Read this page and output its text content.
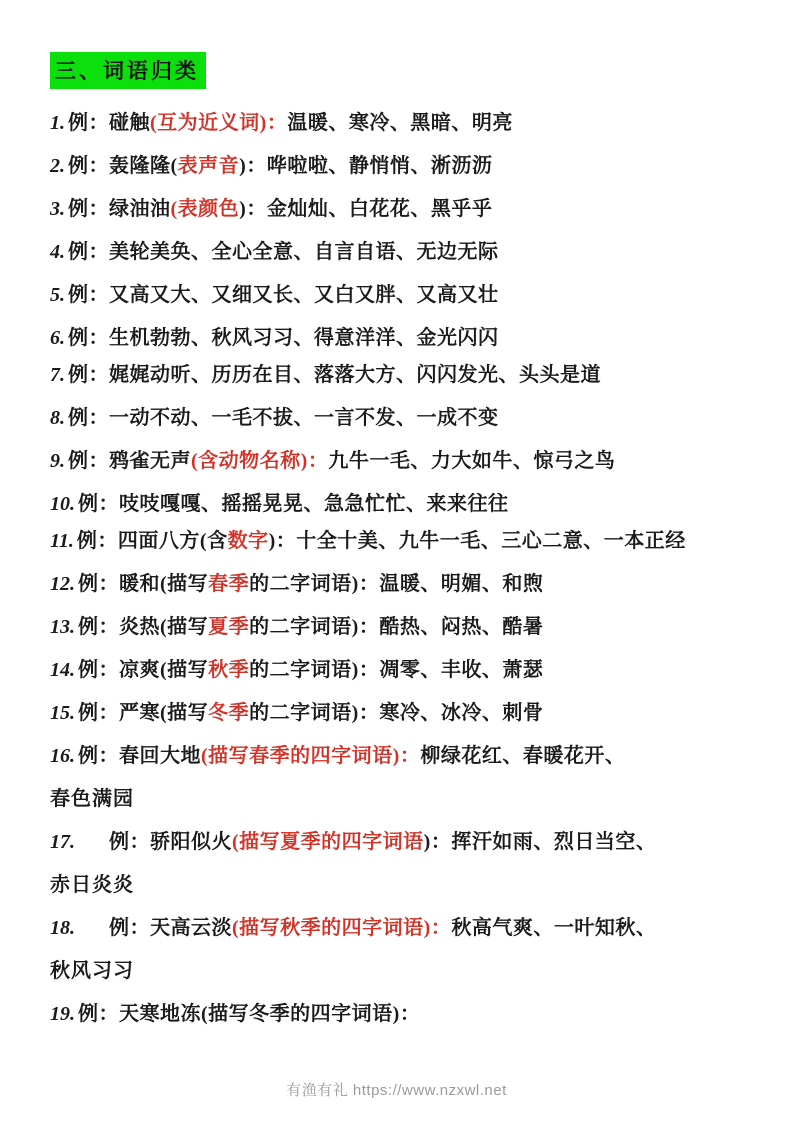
三、词语归类

1. 例：碰触(互为近义词)：温暖、寒冷、黑暗、明亮

2. 例：轰隆隆(表声音)：哗啦啦、静悄悄、淅沥沥

3. 例：绿油油(表颜色)：金灿灿、白花花、黑乎乎

4. 例：美轮美奂、全心全意、自言自语、无边无际

5. 例：又高又大、又细又长、又白又胖、又高又壮

6. 例：生机勃勃、秋风习习、得意洋洋、金光闪闪

7. 例：娓娓动听、历历在目、落落大方、闪闪发光、头头是道

8. 例：一动不动、一毛不拔、一言不发、一成不变

9. 例：鸦雀无声(含动物名称)：九牛一毛、力大如牛、惊弓之鸟

10. 例：吱吱嘎嘎、摇摇晃晃、急急忙忙、来来往往

11. 例：四面八方(含数字)：十全十美、九牛一毛、三心二意、一本正经

12. 例：暖和(描写春季的二字词语)：温暖、明媚、和煦

13. 例：炎热(描写夏季的二字词语)：酷热、闷热、酷暑

14. 例：凉爽(描写秋季的二字词语)：凋零、丰收、萧瑟

15. 例：严寒(描写冬季的二字词语)：寒冷、冰冷、刺骨

16. 例：春回大地(描写春季的四字词语)：柳绿花红、春暖花开、

春色满园

17. 例：骄阳似火(描写夏季的四字词语)：挥汗如雨、烈日当空、

赤日炎炎

18. 例：天高云淡(描写秋季的四字词语)：秋高气爽、一叶知秋、

秋风习习

19. 例：天寒地冻(描写冬季的四字词语)：

有渔有礼 https://www.nzxwl.net
